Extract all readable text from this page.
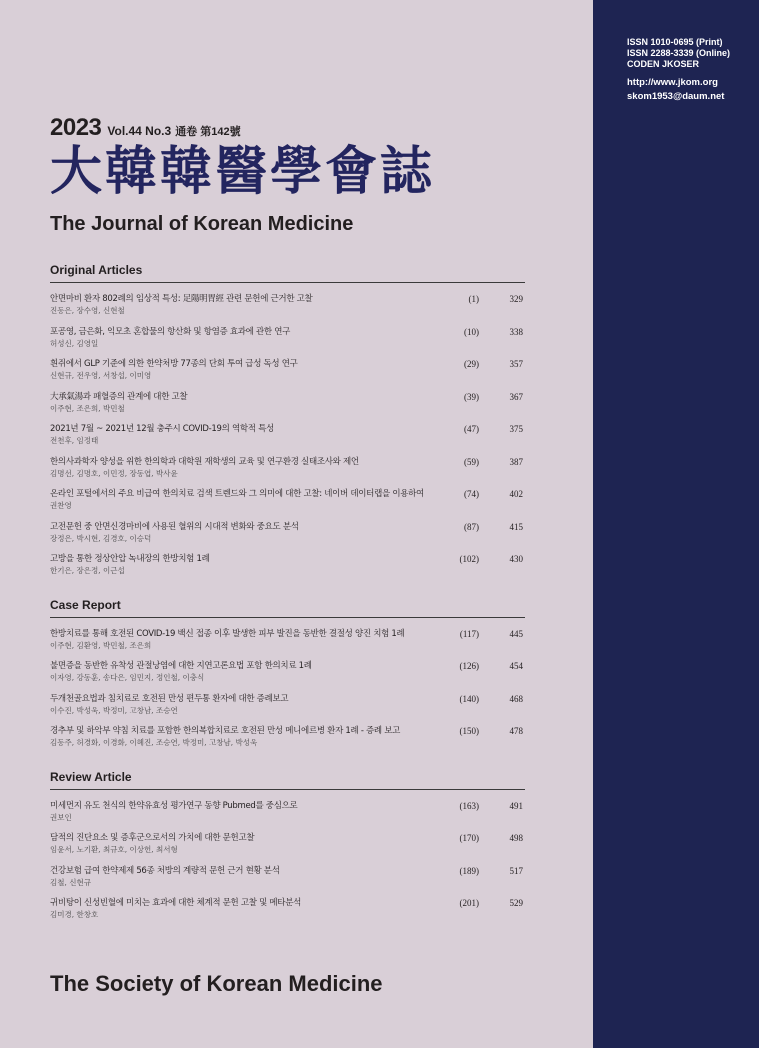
ISSN 1010-0695 (Print)
ISSN 2288-3339 (Online)
CODEN JKOSER
http://www.jkom.org
skom1953@daum.net
2023 Vol.44 No.3 通卷 第142號
大韓韓醫學會誌
The Journal of Korean Medicine
Original Articles
안면마비 환자 802례의 임상적 특성: 足陽明胃經 관련 문헌에 근거한 고찰
진동은, 장수영, 신현철
(1)	329
포공영, 금은화, 익모초 혼합물의 항산화 및 항염증 효과에 관한 연구
허성신, 김영일
(10)	338
흰쥐에서 GLP 기준에 의한 한약처방 77종의 단회 투여 급성 독성 연구
신현규, 전우영, 서창섭, 이미영
(29)	357
大承氣湯과 패혈증의 관계에 대한 고찰
이주현, 조은희, 박민철
(39)	367
2021년 7월 ~ 2021년 12월 충주시 COVID-19의 역학적 특성
전천후, 임정태
(47)	375
한의사과학자 양성을 위한 한의학과 대학원 재학생의 교육 및 연구환경 실태조사와 제언
김명선, 김명호, 이민정, 장동엽, 박사윤
(59)	387
온라인 포털에서의 주요 비급여 한의치료 검색 트렌드와 그 의미에 대한 고찰: 네이버 데이터랩을 이용하여
권찬영
(74)	402
고전문헌 중 안면신경마비에 사용된 혈위의 시대적 변화와 중요도 분석
장정은, 박시현, 김경호, 이승덕
(87)	415
고방을 통한 정상안압 녹내장의 한방치험 1례
한기은, 장은정, 이근섭
(102)	430
Case Report
한방치료를 통해 호전된 COVID-19 백신 접종 이후 발생한 피부 발진을 동반한 결절성 양진 치험 1례
이주현, 김환영, 박민철, 조은희
(117)	445
불면증을 동반한 유착성 관절낭염에 대한 지연고론요법 포함 한의치료 1례
이자영, 강동훈, 송다은, 임민지, 정인철, 이충식
(126)	454
두개천골요법과 침치료로 호전된 만성 편두통 환자에 대한 증례보고
이수진, 박성욱, 박정미, 고창남, 조승연
(140)	468
경추부 및 하악부 약침 치료를 포함한 한의복합치료로 호전된 만성 메니에르병 환자 1례 - 증례 보고
김동주, 허경화, 이경화, 이혜진, 조승연, 박정미, 고창남, 박성욱
(150)	478
Review Article
미세먼지 유도 천식의 한약유효성 평가연구 동향 Pubmed를 중심으로
권보인
(163)	491
담적의 진단요소 및 증후군으로서의 가치에 대한 문헌고찰
임윤서, 노기환, 최규호, 이상헌, 최서형
(170)	498
건강보험 급여 한약제제 56종 처방의 계량적 문헌 근거 현황 분석
김철, 신현규
(189)	517
귀비탕이 신성빈혈에 미치는 효과에 대한 체계적 문헌 고찰 및 메타분석
김미경, 한창호
(201)	529
The Society of Korean Medicine
